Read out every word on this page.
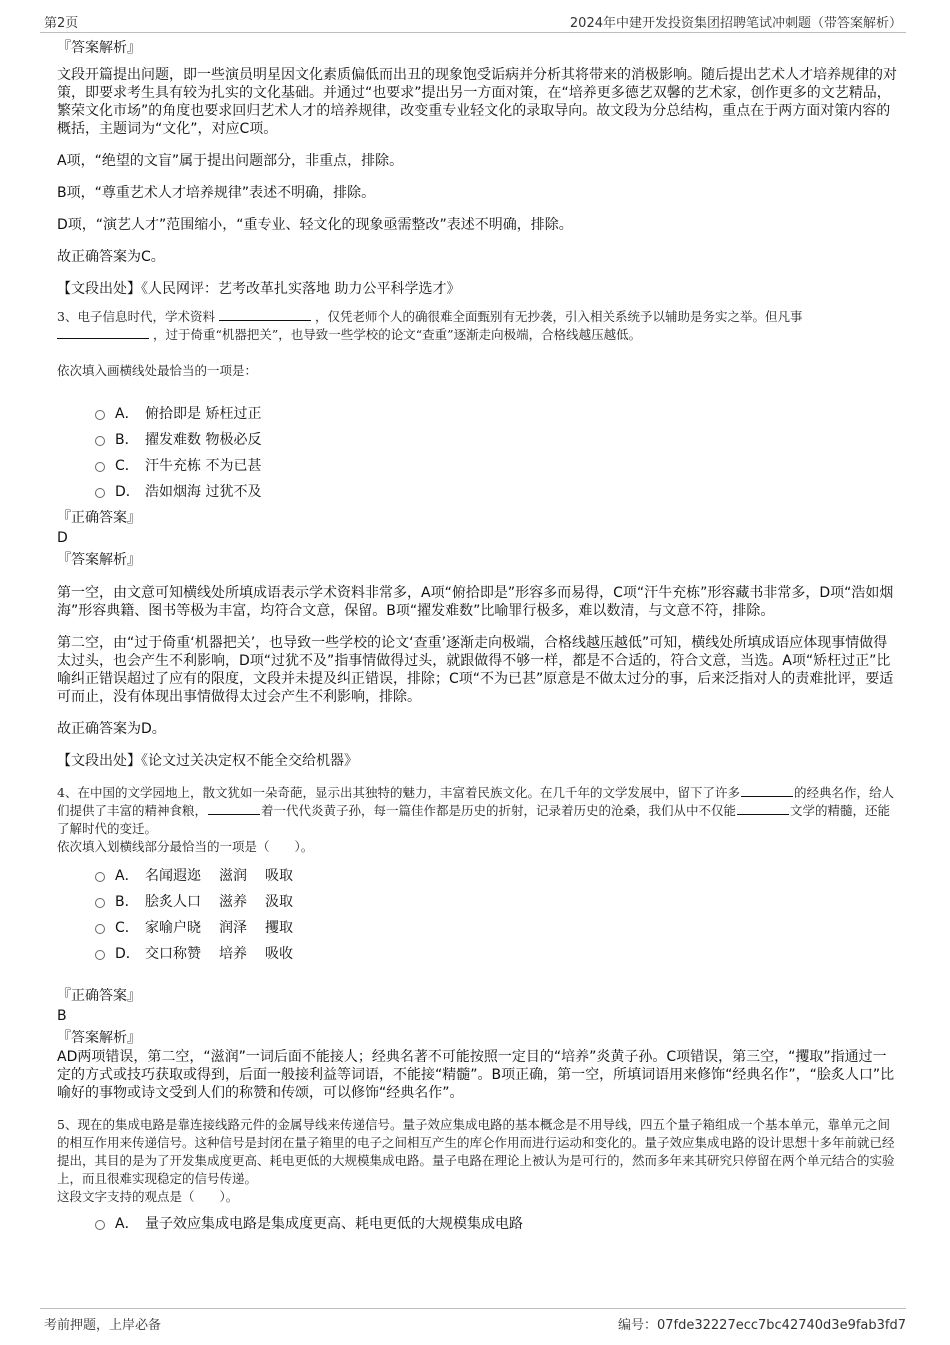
第2页	2024年中建开发投资集团招聘笔试冲刺题（带答案解析）
『答案解析』
文段开篇提出问题，即一些演员明星因文化素质偏低而出丑的现象饱受诟病并分析其将带来的消极影响。随后提出艺术人才培养规律的对策，即要求考生具有较为扎实的文化基础。并通过“也要求”提出另一方面对策，在“培养更多德艺双馨的艺术家，创作更多的文艺精品，繁荣文化市场”的角度也要求回归艺术人才的培养规律，改变重专业轻文化的录取导向。故文段为分总结构，重点在于两方面对策内容的概括，主题词为“文化”，对应C项。
A项，“绝望的文盲”属于提出问题部分，非重点，排除。
B项，“尊重艺术人才培养规律”表述不明确，排除。
D项，“演艺人才”范围缩小，“重专业、轻文化的现象亟需整改”表述不明确，排除。
故正确答案为C。
【文段出处】《人民网评：艺考改革扎实落地 助力公平科学选才》
3、电子信息时代，学术资料	，仅凭老师个人的确很难全面甄别有无抄袭，引入相关系统予以辅助是务实之举。但凡事
，过于倚重“机器把关”，也导致一些学校的论文“查重”逐渐走向极端，合格线越压越低。
依次填入画横线处最恰当的一项是：
A． 俯拾即是 矫枉过正
B． 擢发难数 物极必反
C． 汗牛充栋 不为已甚
D． 浩如烟海 过犹不及
『正确答案』
D
『答案解析』
第一空，由文意可知横线处所填成语表示学术资料非常多，A项“俯拾即是”形容多而易得，C项“汗牛充栋”形容藏书非常多，D项“浩如烟海”形容典籍、图书等极为丰富，均符合文意，保留。B项“擢发难数”比喻罪行极多，难以数清，与文意不符，排除。
第二空，由“过于倚重‘机器把关’，也导致一些学校的论文‘查重’逐渐走向极端，合格线越压越低”可知，横线处所填成语应体现事情做得太过头，也会产生不利影响，D项“过犹不及”指事情做得过头，就跟做得不够一样，都是不合适的，符合文意，当选。A项“矫枉过正”比喻纠正错误超过了应有的限度，文段并未提及纠正错误，排除；C项“不为已甚”原意是不做太过分的事，后来泛指对人的责难批评，要适可而止，没有体现出事情做得太过会产生不利影响，排除。
故正确答案为D。
【文段出处】《论文过关决定权不能全交给机器》
4、在中国的文学园地上，散文犹如一朵奇葩，显示出其独特的魅力，丰富着民族文化。在几千年的文学发展中，留下了许多	的经典名作，给人们提供了丰富的精神食粮，	着一代代炎黄子孙，每一篇佳作都是历史的折射，记录着历史的沧桑，我们从中不仅能	文学的精髓，还能了解时代的变迁。
依次填入划横线部分最恰当的一项是（　　）。
A． 名闻遐迩 滋润 吸取
B． 脍炙人口 滋养 汲取
C． 家喻户晓 润泽 攫取
D． 交口称赞 培养 吸收
『正确答案』
B
『答案解析』
AD两项错误，第二空，“滋润”一词后面不能接人；经典名著不可能按照一定目的“培养”炎黄子孙。C项错误，第三空，“攫取”指通过一定的方式或技巧获取或得到，后面一般接利益等词语，不能接“精髓”。B项正确，第一空，所填词语用来修饰“经典名作”，“脍炙人口”比喻好的事物或诗文受到人们的称赞和传颂，可以修饰“经典名作”。
5、现在的集成电路是靠连接线路元件的金属导线来传递信号。量子效应集成电路的基本概念是不用导线，四五个量子箱组成一个基本单元，靠单元之间的相互作用来传递信号。这种信号是封闭在量子箱里的电子之间相互产生的库仑作用而进行运动和变化的。量子效应集成电路的设计思想十多年前就已经提出，其目的是为了开发集成度更高、耗电更低的大规模集成电路。量子电路在理论上被认为是可行的，然而多年来其研究只停留在两个单元结合的实验上，而且很难实现稳定的信号传递。
这段文字支持的观点是（　　）。
A． 量子效应集成电路是集成度更高、耗电更低的大规模集成电路
考前押题，上岸必备	编号：07fde32227ecc7bc42740d3e9fab3fd7
